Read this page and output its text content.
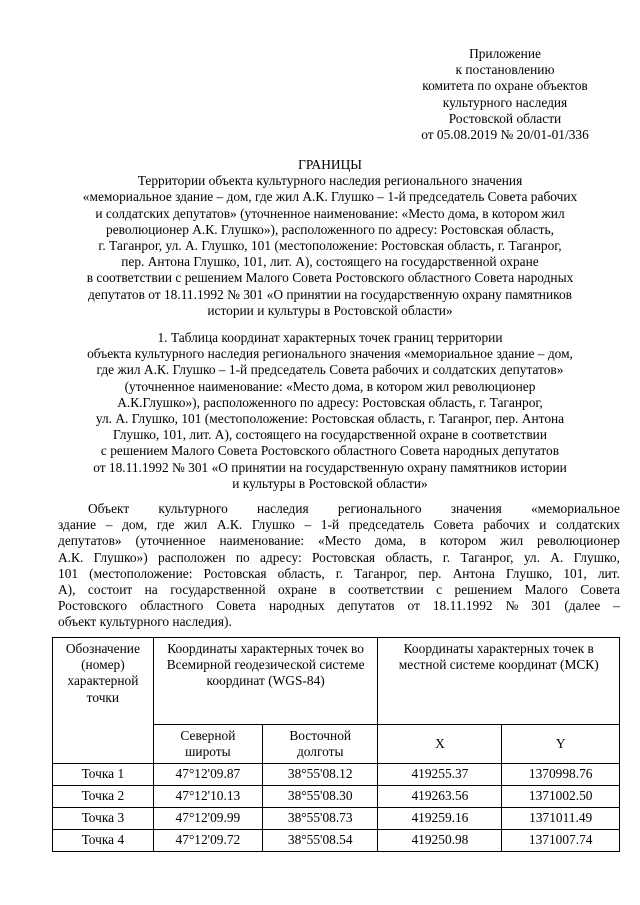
Приложение
к постановлению
комитета по охране объектов
культурного наследия
Ростовской области
от 05.08.2019 № 20/01-01/336
ГРАНИЦЫ
Территории объекта культурного наследия регионального значения
«мемориальное здание – дом, где жил А.К. Глушко – 1-й председатель Совета рабочих
и солдатских депутатов» (уточненное наименование: «Место дома, в котором жил
революционер А.К. Глушко»), расположенного по адресу: Ростовская область,
г. Таганрог, ул. А. Глушко, 101 (местоположение: Ростовская область, г. Таганрог,
пер. Антона Глушко, 101, лит. А), состоящего на государственной охране
в соответствии с решением Малого Совета Ростовского областного Совета народных
депутатов от 18.11.1992 № 301 «О принятии на государственную охрану памятников
истории и культуры в Ростовской области»
1. Таблица координат характерных точек границ территории
объекта культурного наследия регионального значения «мемориальное здание – дом,
где жил А.К. Глушко – 1-й председатель Совета рабочих и солдатских депутатов»
(уточненное наименование: «Место дома, в котором жил революционер
А.К.Глушко»), расположенного по адресу: Ростовская область, г. Таганрог,
ул. А. Глушко, 101 (местоположение: Ростовская область, г. Таганрог, пер. Антона
Глушко, 101, лит. А), состоящего на государственной охране в соответствии
с решением Малого Совета Ростовского областного Совета народных депутатов
от 18.11.1992 № 301 «О принятии на государственную охрану памятников истории
и культуры в Ростовской области»
Объект культурного наследия регионального значения «мемориальное
здание – дом, где жил А.К. Глушко – 1-й председатель Совета рабочих и солдатских
депутатов» (уточненное наименование: «Место дома, в котором жил революционер
А.К. Глушко») расположен по адресу: Ростовская область, г. Таганрог, ул. А. Глушко,
101 (местоположение: Ростовская область, г. Таганрог, пер. Антона Глушко, 101, лит.
А), состоит на государственной охране в соответствии с решением Малого Совета
Ростовского областного Совета народных депутатов от 18.11.1992 № 301 (далее –
объект культурного наследия).
Обозначение (номер) характерной точки	Координаты характерных точек во Всемирной геодезической системе координат (WGS-84)		Координаты характерных точек в местной системе координат (МСК)	
	Северной широты	Восточной долготы	X	Y
Точка 1	47°12'09.87	38°55'08.12	419255.37	1370998.76
Точка 2	47°12'10.13	38°55'08.30	419263.56	1371002.50
Точка 3	47°12'09.99	38°55'08.73	419259.16	1371011.49
Точка 4	47°12'09.72	38°55'08.54	419250.98	1371007.74
